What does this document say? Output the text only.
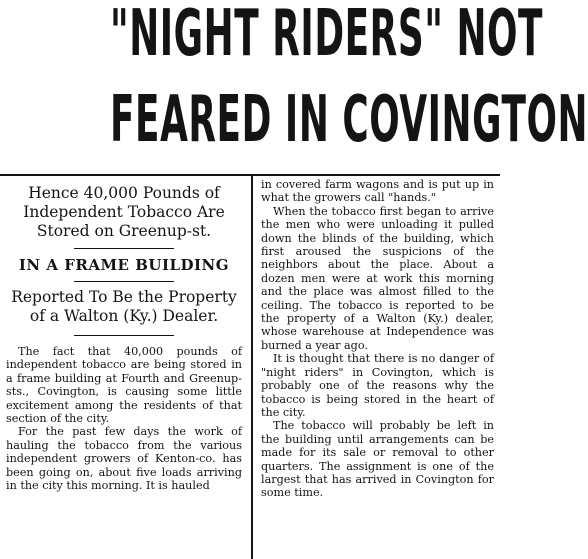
"NIGHT RIDERS" NOT
FEARED IN COVINGTON

Hence 40,000 Pounds of Independent Tobacco Are Stored on Greenup-st.

IN A FRAME BUILDING

Reported To Be the Property of a Walton (Ky.) Dealer.

The fact that 40,000 pounds of independent tobacco are being stored in a frame building at Fourth and Greenup-sts., Covington, is causing some little excitement among the residents of that section of the city.

For the past few days the work of hauling the tobacco from the various independent growers of Kenton-co. has been going on, about five loads arriving in the city this morning. It is hauled

in covered farm wagons and is put up in what the growers call "hands."

When the tobacco first began to arrive the men who were unloading it pulled down the blinds of the building, which first aroused the suspicions of the neighbors about the place. About a dozen men were at work this morning and the place was almost filled to the ceiling. The tobacco is reported to be the property of a Walton (Ky.) dealer, whose warehouse at Independence was burned a year ago.

It is thought that there is no danger of "night riders" in Covington, which is probably one of the reasons why the tobacco is being stored in the heart of the city.

The tobacco will probably be left in the building until arrangements can be made for its sale or removal to other quarters. The assignment is one of the largest that has arrived in Covington for some time.
